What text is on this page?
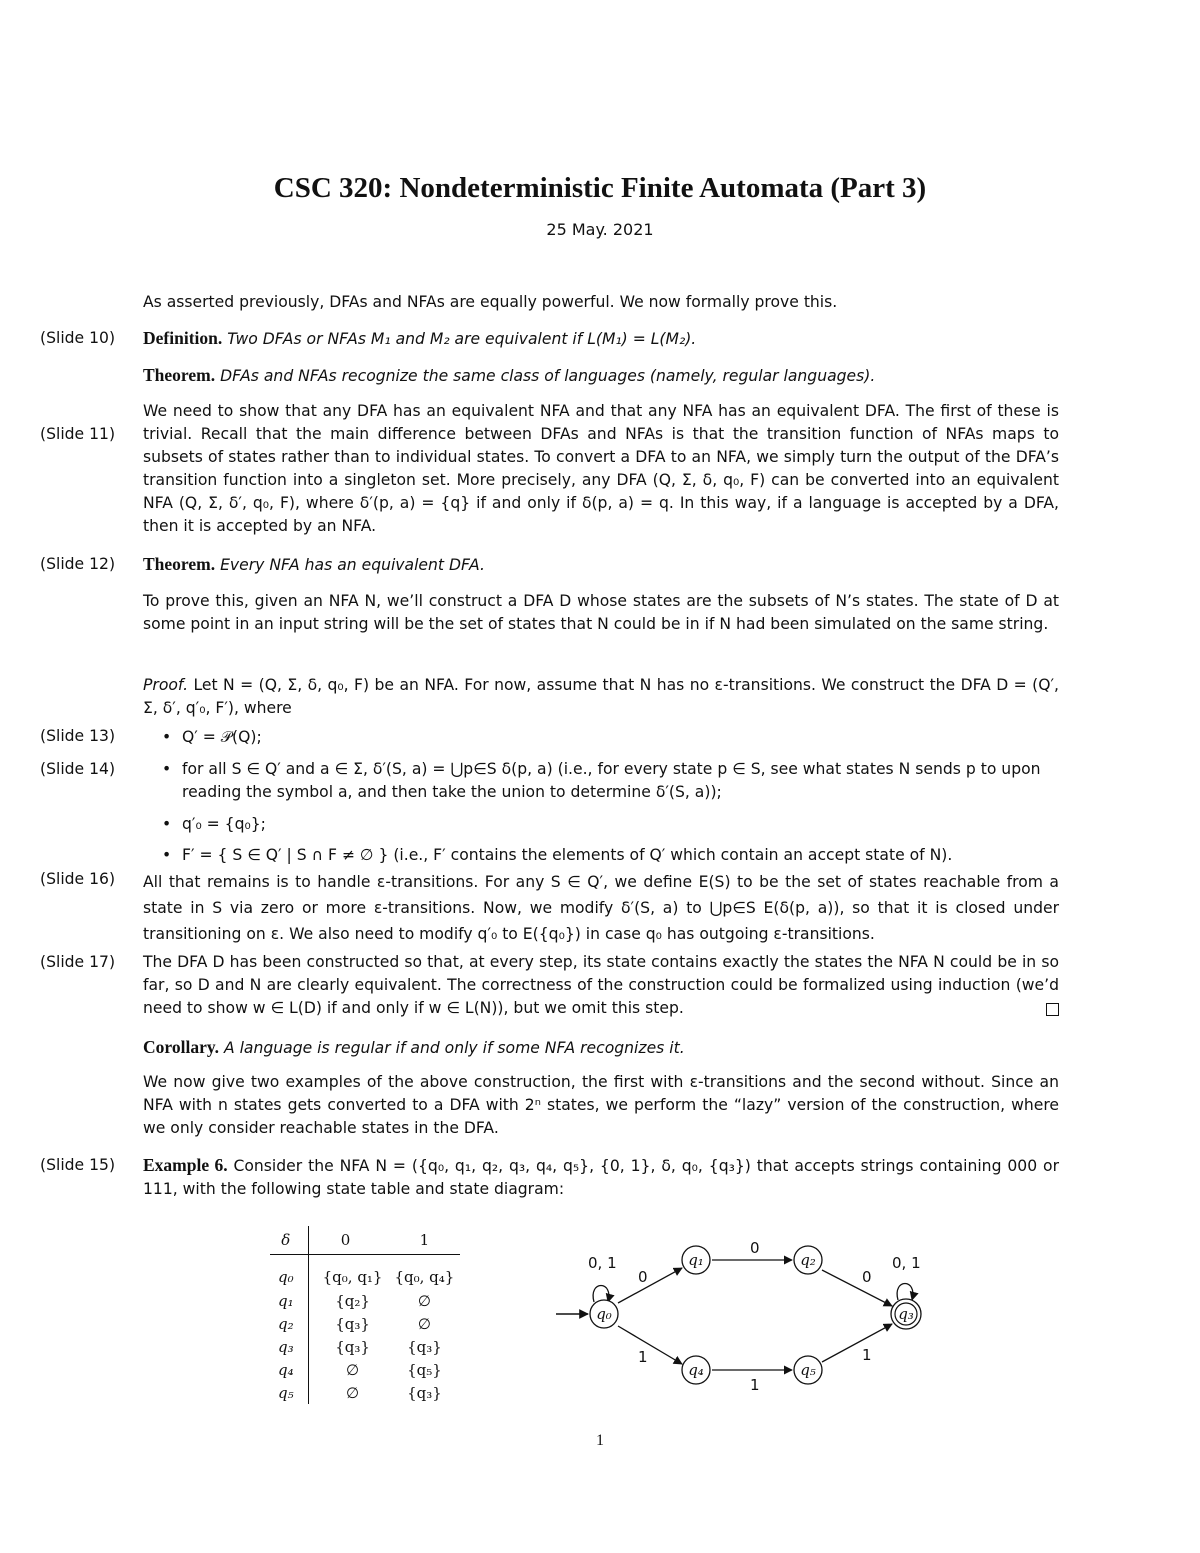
CSC 320: Nondeterministic Finite Automata (Part 3)
25 May. 2021
As asserted previously, DFAs and NFAs are equally powerful. We now formally prove this.
(Slide 10) Definition. Two DFAs or NFAs M₁ and M₂ are equivalent if L(M₁) = L(M₂).
Theorem. DFAs and NFAs recognize the same class of languages (namely, regular languages).
(Slide 11)
We need to show that any DFA has an equivalent NFA and that any NFA has an equivalent DFA. The first of these is trivial. Recall that the main difference between DFAs and NFAs is that the transition function of NFAs maps to subsets of states rather than to individual states. To convert a DFA to an NFA, we simply turn the output of the DFA’s transition function into a singleton set. More precisely, any DFA (Q, Σ, δ, q₀, F) can be converted into an equivalent NFA (Q, Σ, δ′, q₀, F), where δ′(p, a) = {q} if and only if δ(p, a) = q. In this way, if a language is accepted by a DFA, then it is accepted by an NFA.
(Slide 12) Theorem. Every NFA has an equivalent DFA.
To prove this, given an NFA N, we’ll construct a DFA D whose states are the subsets of N’s states. The state of D at some point in an input string will be the set of states that N could be in if N had been simulated on the same string.
Proof. Let N = (Q, Σ, δ, q₀, F) be an NFA. For now, assume that N has no ε-transitions. We construct the DFA D = (Q′, Σ, δ′, q′₀, F′), where
(Slide 13)
(Slide 14)
• Q′ = 𝒫(Q);
• for all S ∈ Q′ and a ∈ Σ, δ′(S, a) = ⋃p∈S δ(p, a) (i.e., for every state p ∈ S, see what states N sends p to upon reading the symbol a, and then take the union to determine δ′(S, a));
• q′₀ = {q₀};
• F′ = { S ∈ Q′ | S ∩ F ≠ ∅ } (i.e., F′ contains the elements of Q′ which contain an accept state of N).
(Slide 16) All that remains is to handle ε-transitions. For any S ∈ Q′, we define E(S) to be the set of states reachable from a state in S via zero or more ε-transitions. Now, we modify δ′(S, a) to ⋃p∈S E(δ(p, a)), so that it is closed under transitioning on ε. We also need to modify q′₀ to E({q₀}) in case q₀ has outgoing ε-transitions.
(Slide 17) The DFA D has been constructed so that, at every step, its state contains exactly the states the NFA N could be in so far, so D and N are clearly equivalent. The correctness of the construction could be formalized using induction (we’d need to show w ∈ L(D) if and only if w ∈ L(N)), but we omit this step.
Corollary. A language is regular if and only if some NFA recognizes it.
We now give two examples of the above construction, the first with ε-transitions and the second without. Since an NFA with n states gets converted to a DFA with 2ⁿ states, we perform the “lazy” version of the construction, where we only consider reachable states in the DFA.
(Slide 15) Example 6. Consider the NFA N = ({q₀, q₁, q₂, q₃, q₄, q₅}, {0, 1}, δ, q₀, {q₃}) that accepts strings containing 000 or 111, with the following state table and state diagram:
δ	0	1
q₀	{q₀, q₁}	{q₀, q₄}
q₁	{q₂}	∅
q₂	{q₃}	∅
q₃	{q₃}	{q₃}
q₄	∅	{q₅}
q₅	∅	{q₃}
0, 1
0
0
0
0, 1
1
1
1
q₀
q₁	q₂
q₃
q₄	q₅
1
